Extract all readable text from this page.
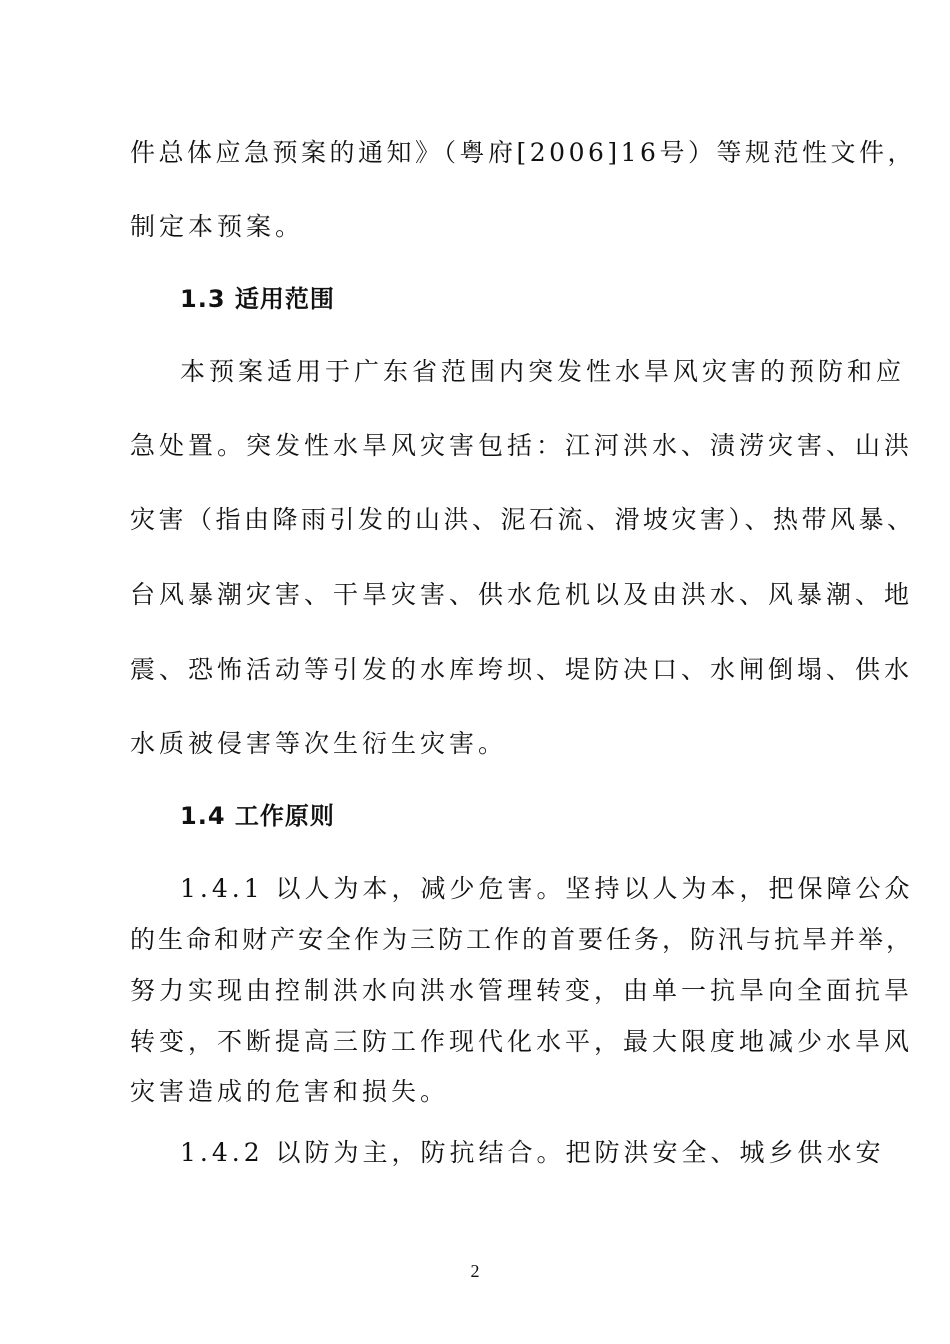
件总体应急预案的通知》（粤府[2006]16号）等规范性文件，
制定本预案。
1.3 适用范围
本预案适用于广东省范围内突发性水旱风灾害的预防和应
急处置。突发性水旱风灾害包括：江河洪水、渍涝灾害、山洪
灾害（指由降雨引发的山洪、泥石流、滑坡灾害）、热带风暴、
台风暴潮灾害、干旱灾害、供水危机以及由洪水、风暴潮、地
震、恐怖活动等引发的水库垮坝、堤防决口、水闸倒塌、供水
水质被侵害等次生衍生灾害。
1.4 工作原则
1.4.1 以人为本，减少危害。坚持以人为本，把保障公众
的生命和财产安全作为三防工作的首要任务，防汛与抗旱并举，
努力实现由控制洪水向洪水管理转变，由单一抗旱向全面抗旱
转变，不断提高三防工作现代化水平，最大限度地减少水旱风
灾害造成的危害和损失。
1.4.2 以防为主，防抗结合。把防洪安全、城乡供水安
2
